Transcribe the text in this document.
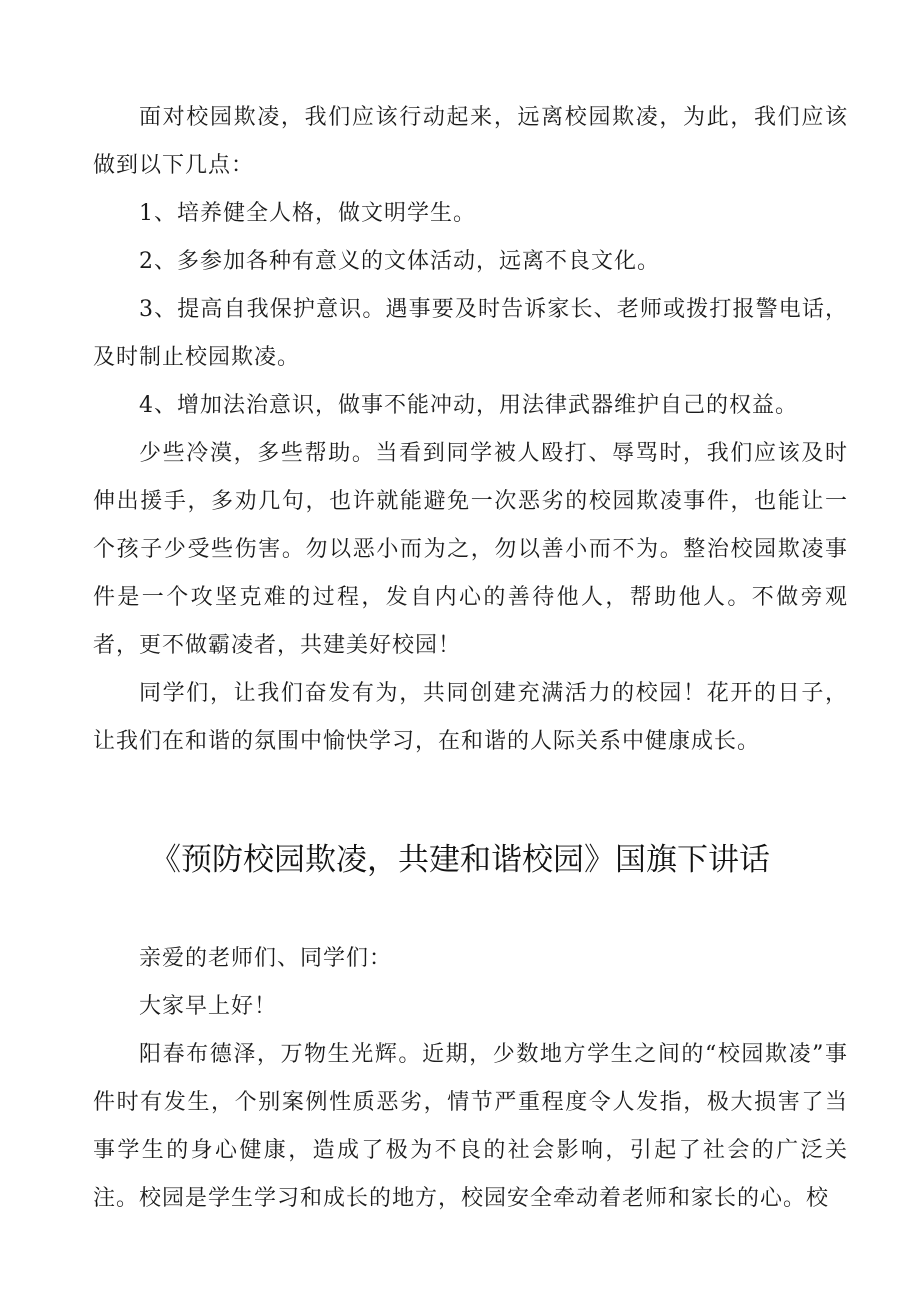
面对校园欺凌，我们应该行动起来，远离校园欺凌，为此，我们应该做到以下几点：

1、培养健全人格，做文明学生。

2、多参加各种有意义的文体活动，远离不良文化。

3、提高自我保护意识。遇事要及时告诉家长、老师或拨打报警电话，及时制止校园欺凌。

4、增加法治意识，做事不能冲动，用法律武器维护自己的权益。

少些冷漠，多些帮助。当看到同学被人殴打、辱骂时，我们应该及时伸出援手，多劝几句，也许就能避免一次恶劣的校园欺凌事件，也能让一个孩子少受些伤害。勿以恶小而为之，勿以善小而不为。整治校园欺凌事件是一个攻坚克难的过程，发自内心的善待他人，帮助他人。不做旁观者，更不做霸凌者，共建美好校园！

同学们，让我们奋发有为，共同创建充满活力的校园！花开的日子，让我们在和谐的氛围中愉快学习，在和谐的人际关系中健康成长。

《预防校园欺凌，共建和谐校园》国旗下讲话

亲爱的老师们、同学们：

大家早上好！

阳春布德泽，万物生光辉。近期，少数地方学生之间的“校园欺凌”事件时有发生，个别案例性质恶劣，情节严重程度令人发指，极大损害了当事学生的身心健康，造成了极为不良的社会影响，引起了社会的广泛关注。校园是学生学习和成长的地方，校园安全牵动着老师和家长的心。校
